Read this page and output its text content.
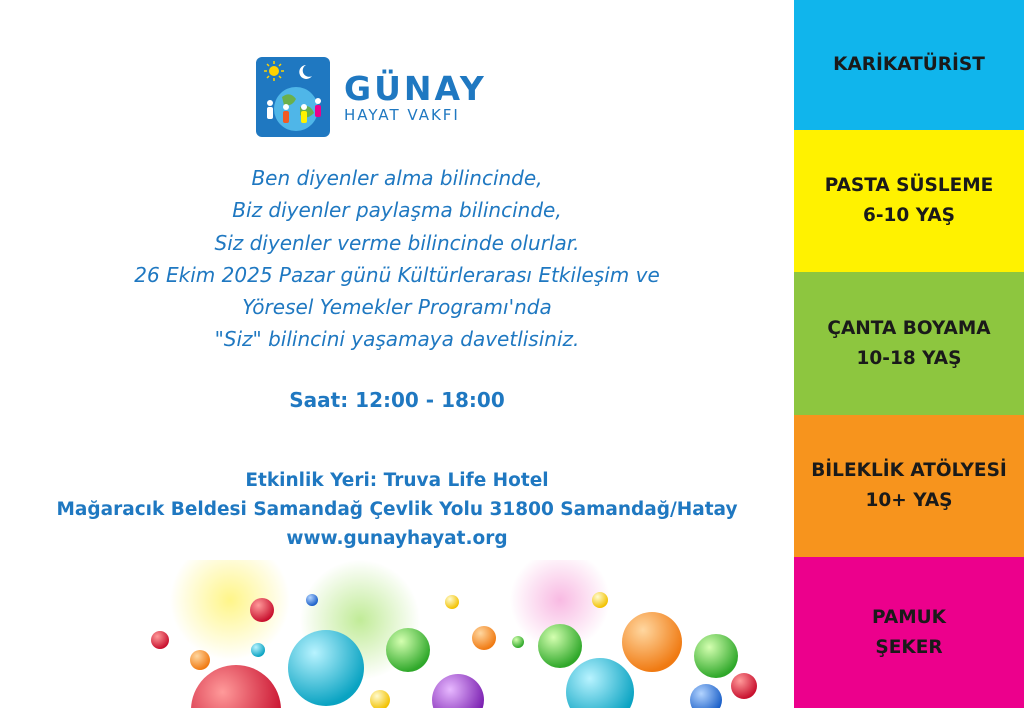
GÜNAY
HAYAT VAKFI
Ben diyenler alma bilincinde,
Biz diyenler paylaşma bilincinde,
Siz diyenler verme bilincinde olurlar.
26 Ekim 2025 Pazar günü Kültürlerarası Etkileşim ve
Yöresel Yemekler Programı'nda
"Siz" bilincini yaşamaya davetlisiniz.
Saat: 12:00 - 18:00
Etkinlik Yeri: Truva Life Hotel
Mağaracık Beldesi Samandağ Çevlik Yolu 31800 Samandağ/Hatay
www.gunayhayat.org
KARİKATÜRİST
PASTA SÜSLEME
6-10 YAŞ
ÇANTA BOYAMA
10-18 YAŞ
BİLEKLİK ATÖLYESİ
10+ YAŞ
PAMUK
ŞEKER
